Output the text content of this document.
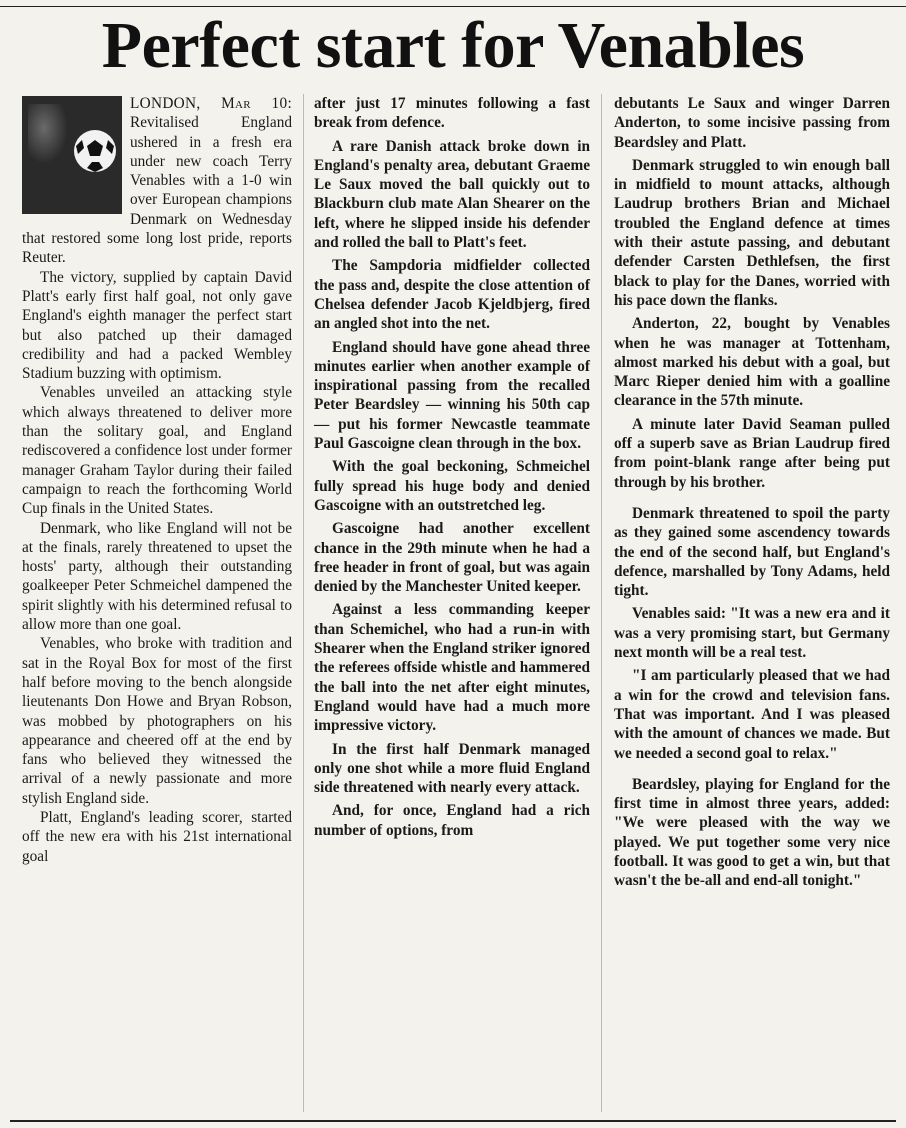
Perfect start for Venables

LONDON, Mar 10: Revitalised England ushered in a fresh era under new coach Terry Venables with a 1-0 win over European champions Denmark on Wednesday that restored some long lost pride, reports Reuter.

The victory, supplied by captain David Platt's early first half goal, not only gave England's eighth manager the perfect start but also patched up their damaged credibility and had a packed Wembley Stadium buzzing with optimism.

Venables unveiled an attacking style which always threatened to deliver more than the solitary goal, and England rediscovered a confidence lost under former manager Graham Taylor during their failed campaign to reach the forthcoming World Cup finals in the United States.

Denmark, who like England will not be at the finals, rarely threatened to upset the hosts' party, although their outstanding goalkeeper Peter Schmeichel dampened the spirit slightly with his determined refusal to allow more than one goal.

Venables, who broke with tradition and sat in the Royal Box for most of the first half before moving to the bench alongside lieutenants Don Howe and Bryan Robson, was mobbed by photographers on his appearance and cheered off at the end by fans who believed they witnessed the arrival of a newly passionate and more stylish England side.

Platt, England's leading scorer, started off the new era with his 21st international goal

after just 17 minutes following a fast break from defence.

A rare Danish attack broke down in England's penalty area, debutant Graeme Le Saux moved the ball quickly out to Blackburn club mate Alan Shearer on the left, where he slipped inside his defender and rolled the ball to Platt's feet.

The Sampdoria midfielder collected the pass and, despite the close attention of Chelsea defender Jacob Kjeldbjerg, fired an angled shot into the net.

England should have gone ahead three minutes earlier when another example of inspirational passing from the recalled Peter Beardsley — winning his 50th cap — put his former Newcastle teammate Paul Gascoigne clean through in the box.

With the goal beckoning, Schmeichel fully spread his huge body and denied Gascoigne with an outstretched leg.

Gascoigne had another excellent chance in the 29th minute when he had a free header in front of goal, but was again denied by the Manchester United keeper.

Against a less commanding keeper than Schemichel, who had a run-in with Shearer when the England striker ignored the referees offside whistle and hammered the ball into the net after eight minutes, England would have had a much more impressive victory.

In the first half Denmark managed only one shot while a more fluid England side threatened with nearly every attack.

And, for once, England had a rich number of options, from

debutants Le Saux and winger Darren Anderton, to some incisive passing from Beardsley and Platt.

Denmark struggled to win enough ball in midfield to mount attacks, although Laudrup brothers Brian and Michael troubled the England defence at times with their astute passing, and debutant defender Carsten Dethlefsen, the first black to play for the Danes, worried with his pace down the flanks.

Anderton, 22, bought by Venables when he was manager at Tottenham, almost marked his debut with a goal, but Marc Rieper denied him with a goalline clearance in the 57th minute.

A minute later David Seaman pulled off a superb save as Brian Laudrup fired from point-blank range after being put through by his brother.

Denmark threatened to spoil the party as they gained some ascendency towards the end of the second half, but England's defence, marshalled by Tony Adams, held tight.

Venables said: "It was a new era and it was a very promising start, but Germany next month will be a real test.

"I am particularly pleased that we had a win for the crowd and television fans. That was important. And I was pleased with the amount of chances we made. But we needed a second goal to relax."

Beardsley, playing for England for the first time in almost three years, added: "We were pleased with the way we played. We put together some very nice football. It was good to get a win, but that wasn't the be-all and end-all tonight."
